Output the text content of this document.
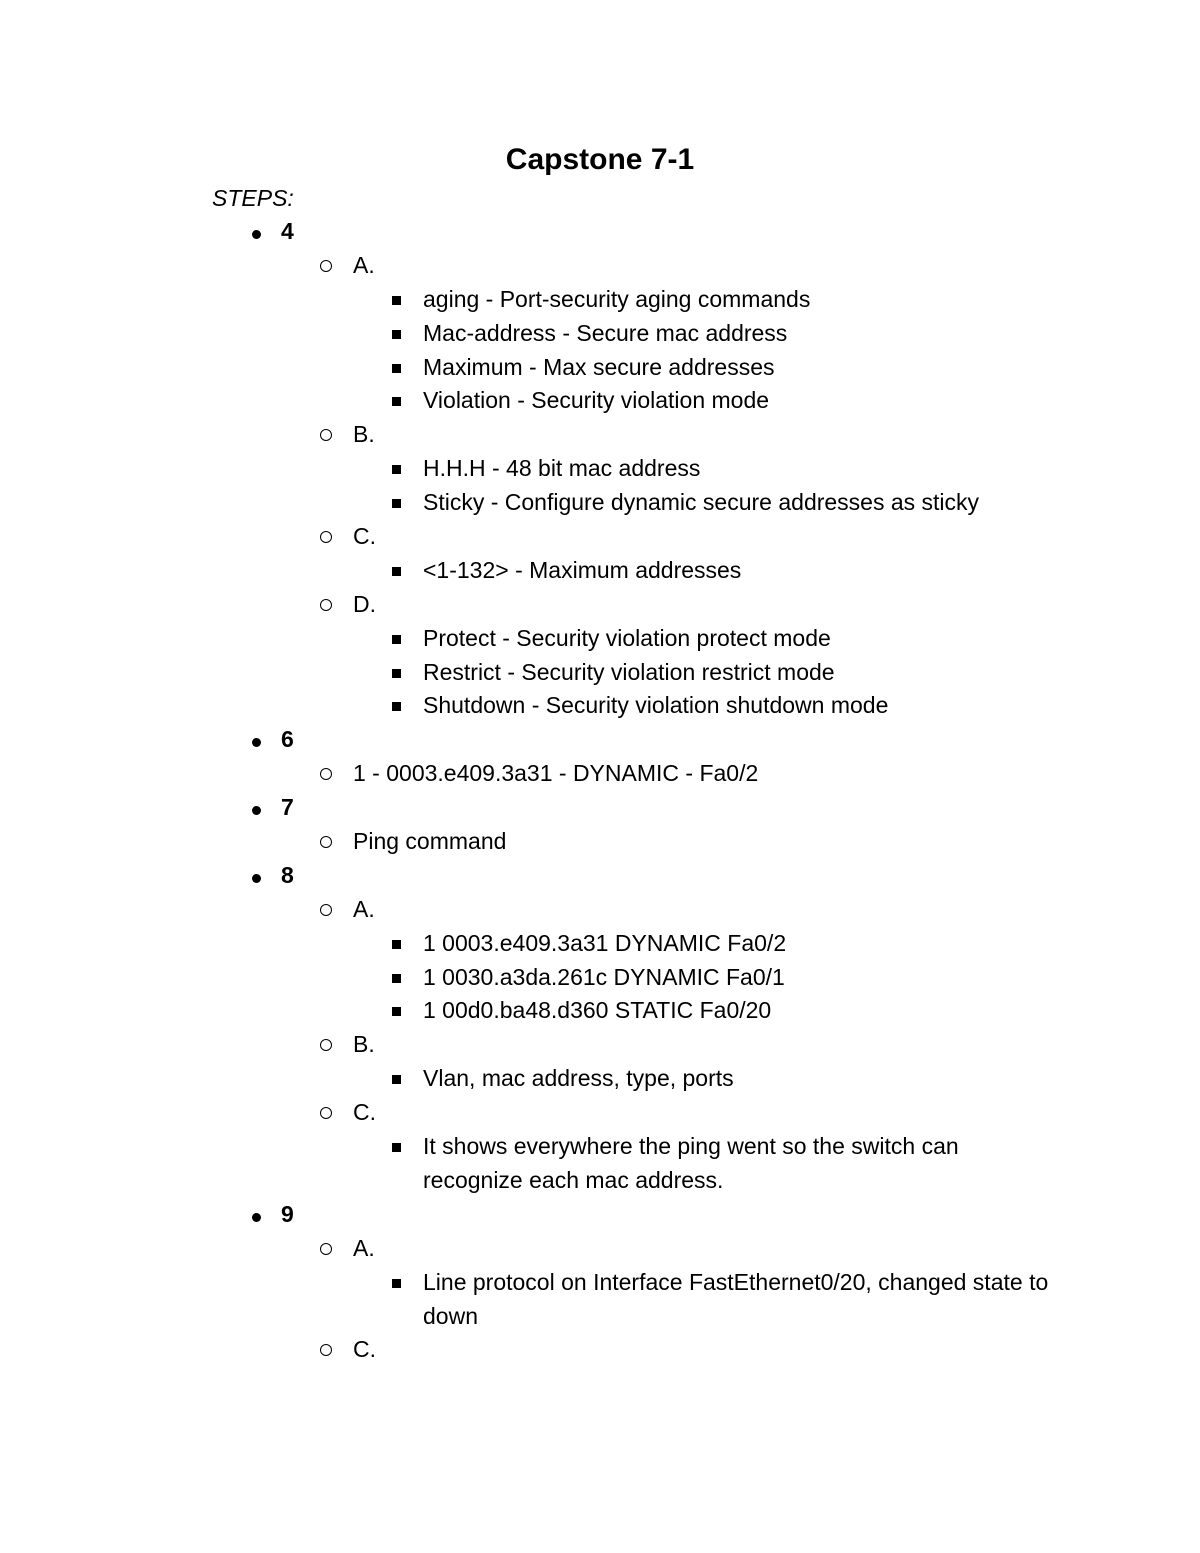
Capstone 7-1
STEPS:
4
A.
aging - Port-security aging commands
Mac-address - Secure mac address
Maximum - Max secure addresses
Violation - Security violation mode
B.
H.H.H - 48 bit mac address
Sticky - Configure dynamic secure addresses as sticky
C.
<1-132> - Maximum addresses
D.
Protect - Security violation protect mode
Restrict - Security violation restrict mode
Shutdown - Security violation shutdown mode
6
1 - 0003.e409.3a31 - DYNAMIC - Fa0/2
7
Ping command
8
A.
1 0003.e409.3a31 DYNAMIC Fa0/2
1 0030.a3da.261c DYNAMIC Fa0/1
1 00d0.ba48.d360 STATIC Fa0/20
B.
Vlan, mac address, type, ports
C.
It shows everywhere the ping went so the switch can recognize each mac address.
9
A.
Line protocol on Interface FastEthernet0/20, changed state to down
C.
